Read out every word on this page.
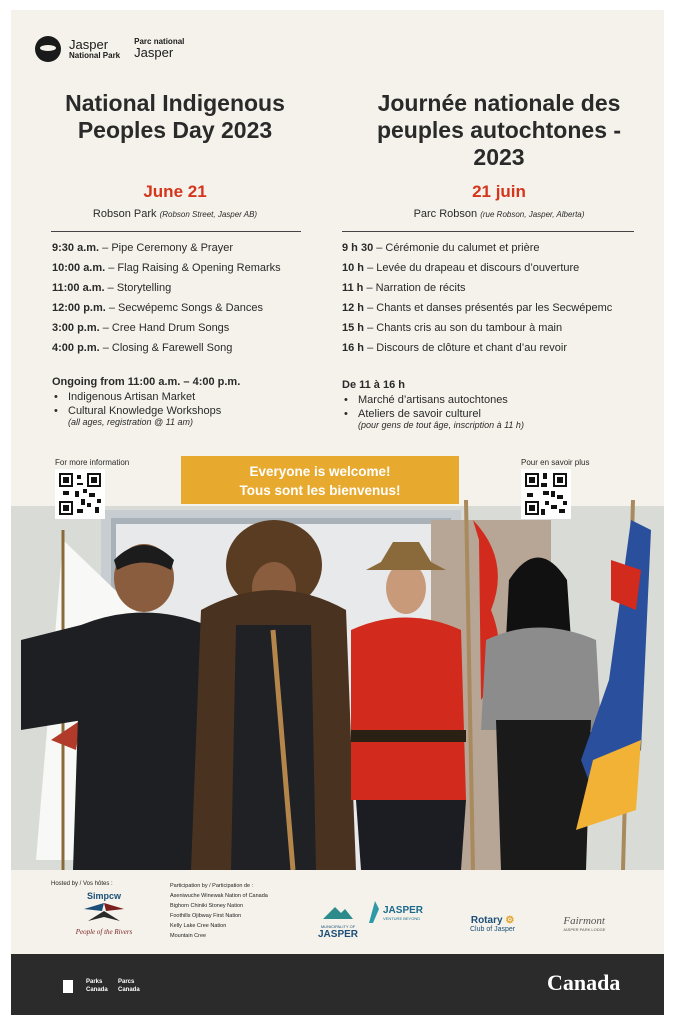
Jasper
National Park
Parc national
Jasper
National Indigenous Peoples Day 2023
June 21
Robson Park (Robson Street, Jasper AB)
9:30 a.m. – Pipe Ceremony & Prayer
10:00 a.m. – Flag Raising & Opening Remarks
11:00 a.m. – Storytelling
12:00 p.m. – Secwépemc Songs & Dances
3:00 p.m. – Cree Hand Drum Songs
4:00 p.m. – Closing & Farewell Song
Ongoing from 11:00 a.m. – 4:00 p.m.
• Indigenous Artisan Market
• Cultural Knowledge Workshops
(all ages, registration @ 11 am)
Journée nationale des peuples autochtones - 2023
21 juin
Parc Robson (rue Robson, Jasper, Alberta)
9 h 30 – Cérémonie du calumet et prière
10 h – Levée du drapeau et discours d’ouverture
11 h – Narration de récits
12 h – Chants et danses présentés par les Secwépemc
15 h – Chants cris au son du tambour à main
16 h – Discours de clôture et chant d’au revoir
De 11 à 16 h
• Marché d’artisans autochtones
• Ateliers de savoir culturel
(pour gens de tout âge, inscription à 11 h)
For more information	Pour en savoir plus
Everyone is welcome!
Tous sont les bienvenus!
Hosted by / Vos hôtes :
Simpcw
People of the Rivers
Participation by / Participation de :
Aseniwuche Winewak Nation of Canada
Bighorn Chiniki Stoney Nation
Foothills Ojibway First Nation
Kelly Lake Cree Nation
Mountain Cree
MUNICIPALITY OF
JASPER
JASPER
VENTURE BEYOND	Rotary ⚙
Club of Jasper
Fairmont
JASPER PARK LODGE
Parks Canada
Parcs Canada	Canada
